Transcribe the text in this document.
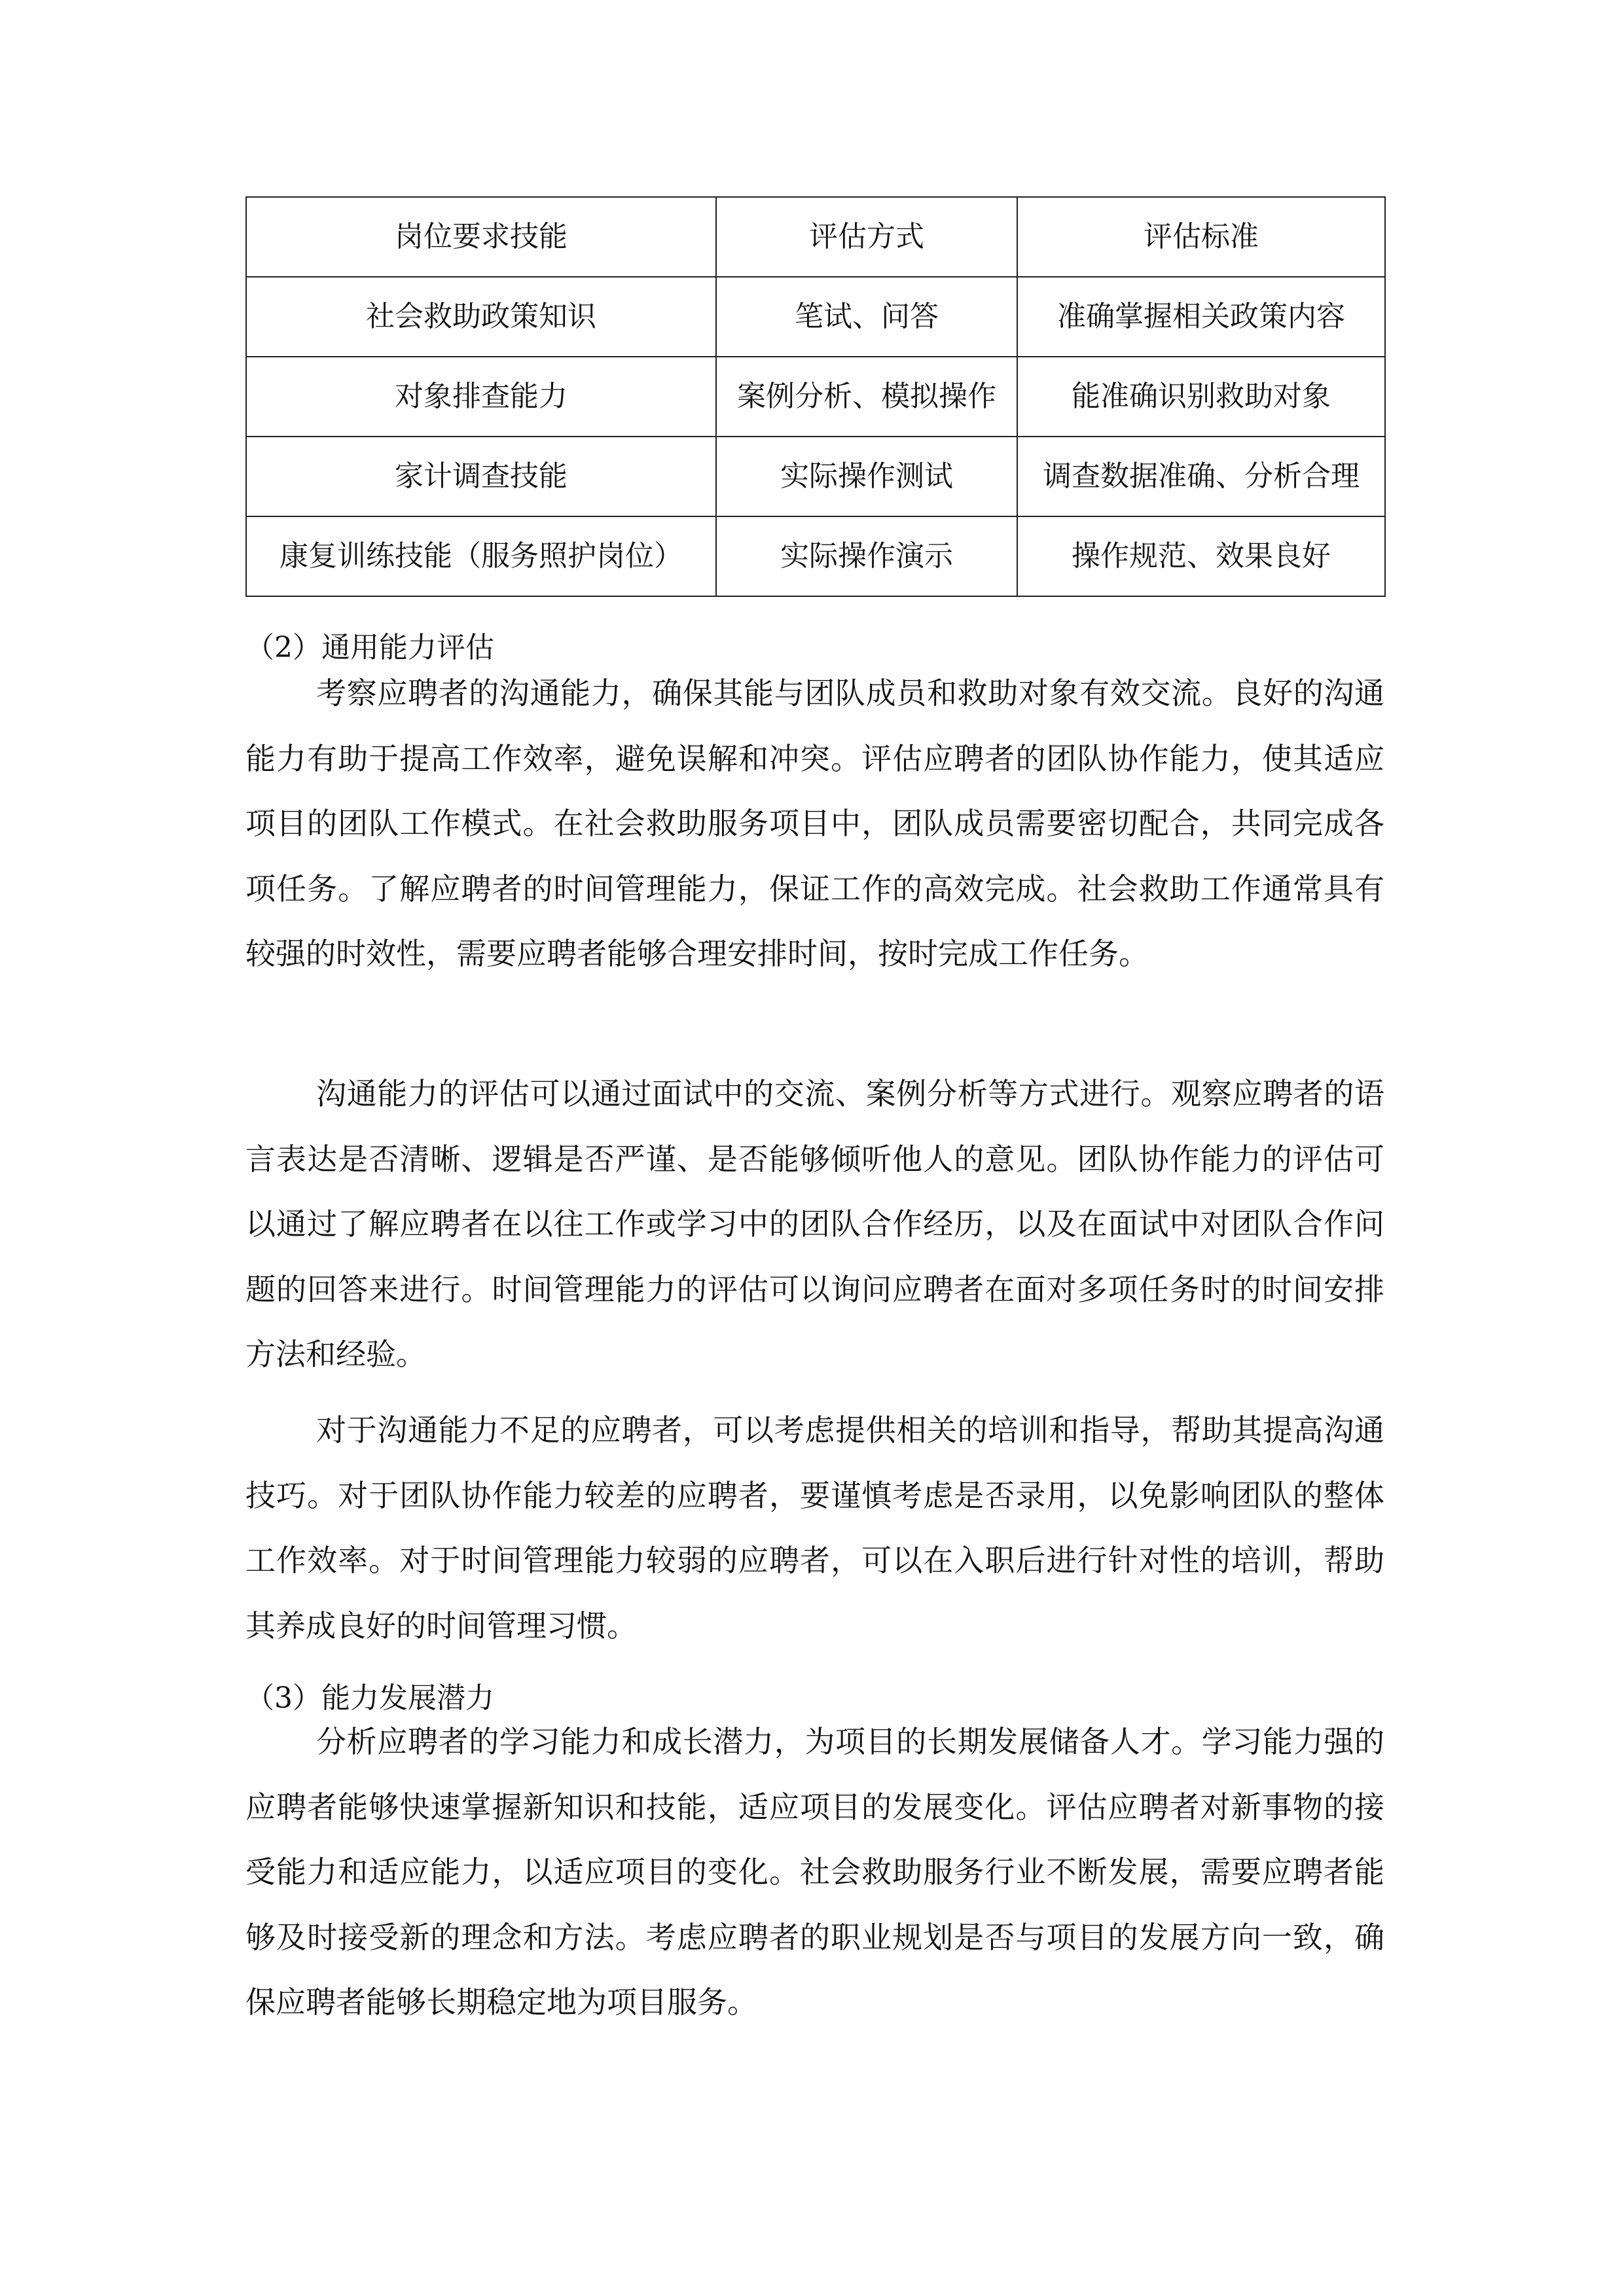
岗位要求技能	评估方式	评估标准
社会救助政策知识	笔试、问答	准确掌握相关政策内容
对象排查能力	案例分析、模拟操作	能准确识别救助对象
家计调查技能	实际操作测试	调查数据准确、分析合理
康复训练技能（服务照护岗位）	实际操作演示	操作规范、效果良好
（2）通用能力评估

考察应聘者的沟通能力，确保其能与团队成员和救助对象有效交流。良好的沟通能力有助于提高工作效率，避免误解和冲突。评估应聘者的团队协作能力，使其适应项目的团队工作模式。在社会救助服务项目中，团队成员需要密切配合，共同完成各项任务。了解应聘者的时间管理能力，保证工作的高效完成。社会救助工作通常具有较强的时效性，需要应聘者能够合理安排时间，按时完成工作任务。

沟通能力的评估可以通过面试中的交流、案例分析等方式进行。观察应聘者的语言表达是否清晰、逻辑是否严谨、是否能够倾听他人的意见。团队协作能力的评估可以通过了解应聘者在以往工作或学习中的团队合作经历，以及在面试中对团队合作问题的回答来进行。时间管理能力的评估可以询问应聘者在面对多项任务时的时间安排方法和经验。

对于沟通能力不足的应聘者，可以考虑提供相关的培训和指导，帮助其提高沟通技巧。对于团队协作能力较差的应聘者，要谨慎考虑是否录用，以免影响团队的整体工作效率。对于时间管理能力较弱的应聘者，可以在入职后进行针对性的培训，帮助其养成良好的时间管理习惯。

（3）能力发展潜力

分析应聘者的学习能力和成长潜力，为项目的长期发展储备人才。学习能力强的应聘者能够快速掌握新知识和技能，适应项目的发展变化。评估应聘者对新事物的接受能力和适应能力，以适应项目的变化。社会救助服务行业不断发展，需要应聘者能够及时接受新的理念和方法。考虑应聘者的职业规划是否与项目的发展方向一致，确保应聘者能够长期稳定地为项目服务。
